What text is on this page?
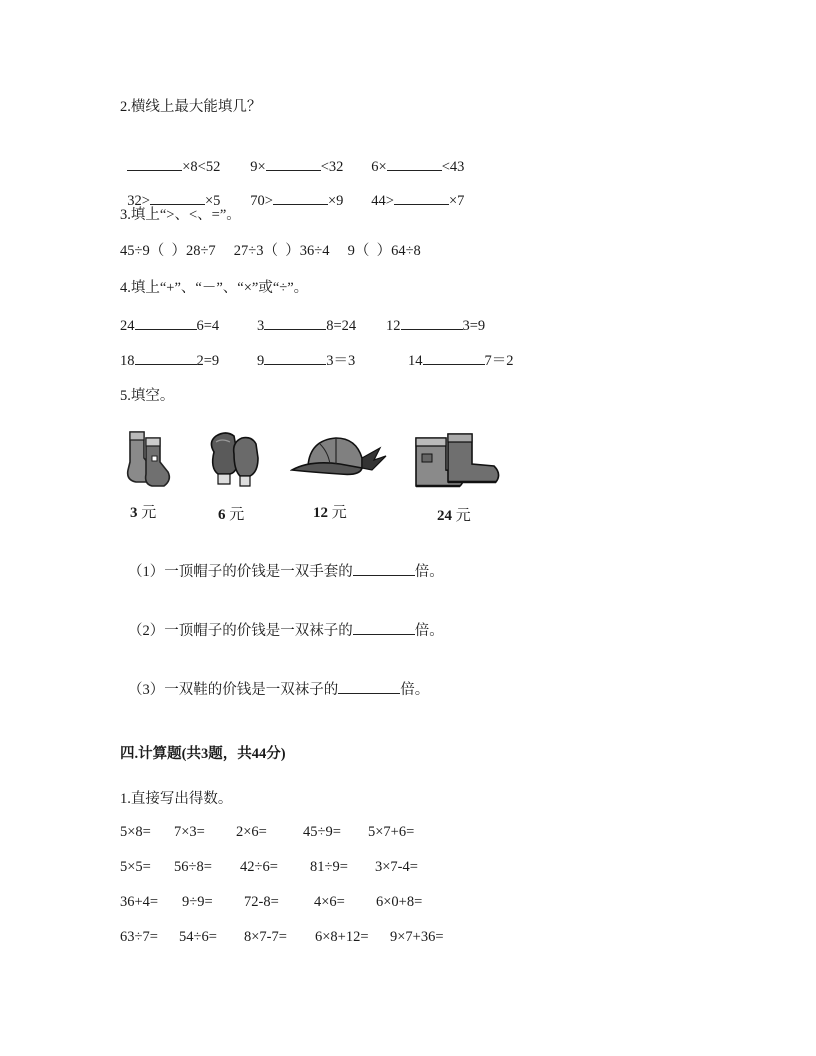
2.横线上最大能填几？

×8<52	9×	<32	6×	<43

32>	×5	70>	×9	44>	×7

3.填上“>、<、=”。
45÷9（  ）28÷7     27÷3（  ）36÷4     9（  ）64÷8
4.填上“+”、“－”、“×”或“÷”。
24	6=4	3	8=24 12	3=9
18	2=9	9	3＝3	14	7＝2
5.填空。
3 元	6 元	12 元	24 元
（1）一顶帽子的价钱是一双手套的	倍。
（2）一顶帽子的价钱是一双袜子的	倍。
（3）一双鞋的价钱是一双袜子的	倍。
四.计算题(共3题，共44分)
1.直接写出得数。
5×8= 7×3= 2×6= 45÷9= 5×7+6=
5×5= 56÷8= 42÷6= 81÷9= 3×7-4=
36+4= 9÷9= 72-8= 4×6= 6×0+8=
63÷7= 54÷6= 8×7-7= 6×8+12= 9×7+36=
